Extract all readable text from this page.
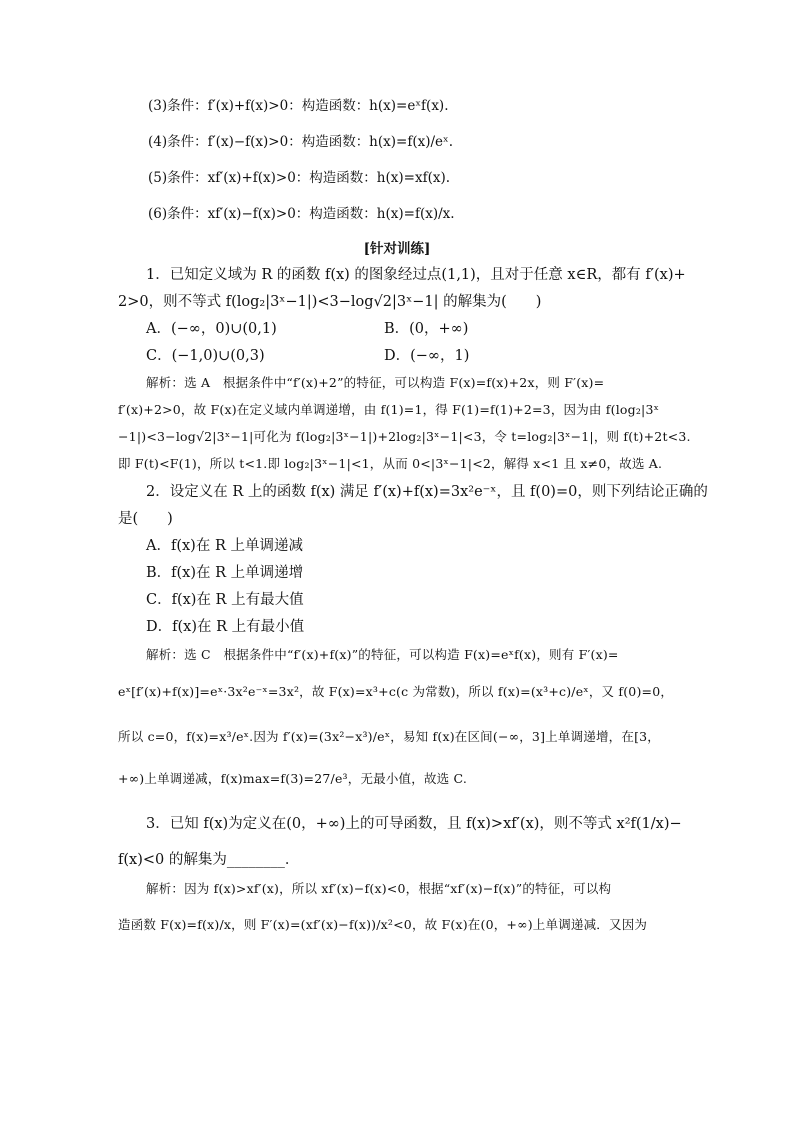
(3)条件：f′(x)+f(x)>0：构造函数：h(x)=eˣf(x).
(4)条件：f′(x)−f(x)>0：构造函数：h(x)=f(x)/eˣ.
(5)条件：xf′(x)+f(x)>0：构造函数：h(x)=xf(x).
(6)条件：xf′(x)−f(x)>0：构造函数：h(x)=f(x)/x.
[针对训练]
1．已知定义域为 R 的函数 f(x) 的图象经过点(1,1)，且对于任意 x∈R，都有 f′(x)+
2>0，则不等式 f(log₂|3ˣ−1|)<3−log√2|3ˣ−1| 的解集为(　　)
A．(−∞，0)∪(0,1)	B．(0，+∞)
C．(−1,0)∪(0,3)	D．(−∞，1)
解析：选 A　根据条件中“f′(x)+2”的特征，可以构造 F(x)=f(x)+2x，则 F′(x)=
f′(x)+2>0，故 F(x)在定义域内单调递增，由 f(1)=1，得 F(1)=f(1)+2=3，因为由 f(log₂|3ˣ
−1|)<3−log√2|3ˣ−1|可化为 f(log₂|3ˣ−1|)+2log₂|3ˣ−1|<3，令 t=log₂|3ˣ−1|，则 f(t)+2t<3.
即 F(t)<F(1)，所以 t<1.即 log₂|3ˣ−1|<1，从而 0<|3ˣ−1|<2，解得 x<1 且 x≠0，故选 A.
2．设定义在 R 上的函数 f(x) 满足 f′(x)+f(x)=3x²e⁻ˣ，且 f(0)=0，则下列结论正确的
是(　　)
A．f(x)在 R 上单调递减
B．f(x)在 R 上单调递增
C．f(x)在 R 上有最大值
D．f(x)在 R 上有最小值
解析：选 C　根据条件中“f′(x)+f(x)”的特征，可以构造 F(x)=eˣf(x)，则有 F′(x)=
eˣ[f′(x)+f(x)]=eˣ·3x²e⁻ˣ=3x²，故 F(x)=x³+c(c 为常数)，所以 f(x)=(x³+c)/eˣ，又 f(0)=0，
所以 c=0，f(x)=x³/eˣ.因为 f′(x)=(3x²−x³)/eˣ，易知 f(x)在区间(−∞，3]上单调递增，在[3，
+∞)上单调递减，f(x)max=f(3)=27/e³，无最小值，故选 C.
3．已知 f(x)为定义在(0，+∞)上的可导函数，且 f(x)>xf′(x)，则不等式 x²f(1/x)−
f(x)<0 的解集为________．
解析：因为 f(x)>xf′(x)，所以 xf′(x)−f(x)<0，根据“xf′(x)−f(x)”的特征，可以构
造函数 F(x)=f(x)/x，则 F′(x)=(xf′(x)−f(x))/x²<0，故 F(x)在(0，+∞)上单调递减．又因为
